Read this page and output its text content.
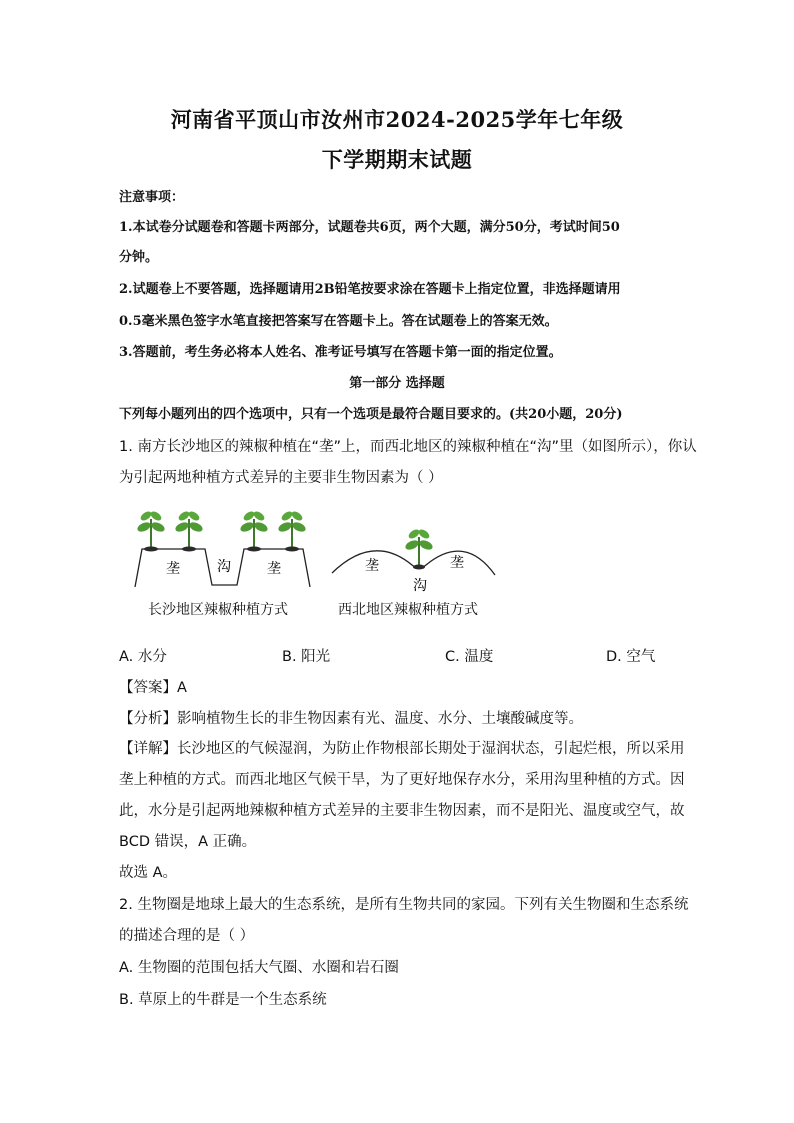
河南省平顶山市汝州市2024-2025学年七年级
下学期期末试题
注意事项：
1.本试卷分试题卷和答题卡两部分，试题卷共6页，两个大题，满分50分，考试时间50
分钟。
2.试题卷上不要答题，选择题请用2B铅笔按要求涂在答题卡上指定位置，非选择题请用
0.5毫米黑色签字水笔直接把答案写在答题卡上。答在试题卷上的答案无效。
3.答题前，考生务必将本人姓名、准考证号填写在答题卡第一面的指定位置。
第一部分 选择题
下列每小题列出的四个选项中，只有一个选项是最符合题目要求的。(共20小题，20分)
1. 南方长沙地区的辣椒种植在“垄”上，而西北地区的辣椒种植在“沟”里（如图所示），你认
为引起两地种植方式差异的主要非生物因素为（ ）
垄	沟	垄	垄	垄
沟
长沙地区辣椒种植方式	西北地区辣椒种植方式
A. 水分	B. 阳光	C. 温度	D. 空气
【答案】A
【分析】影响植物生长的非生物因素有光、温度、水分、土壤酸碱度等。
【详解】长沙地区的气候湿润，为防止作物根部长期处于湿润状态，引起烂根，所以采用
垄上种植的方式。而西北地区气候干旱，为了更好地保存水分，采用沟里种植的方式。因
此，水分是引起两地辣椒种植方式差异的主要非生物因素，而不是阳光、温度或空气，故
BCD 错误，A 正确。
故选 A。
2. 生物圈是地球上最大的生态系统，是所有生物共同的家园。下列有关生物圈和生态系统
的描述合理的是（ ）
A. 生物圈的范围包括大气圈、水圈和岩石圈
B. 草原上的牛群是一个生态系统
